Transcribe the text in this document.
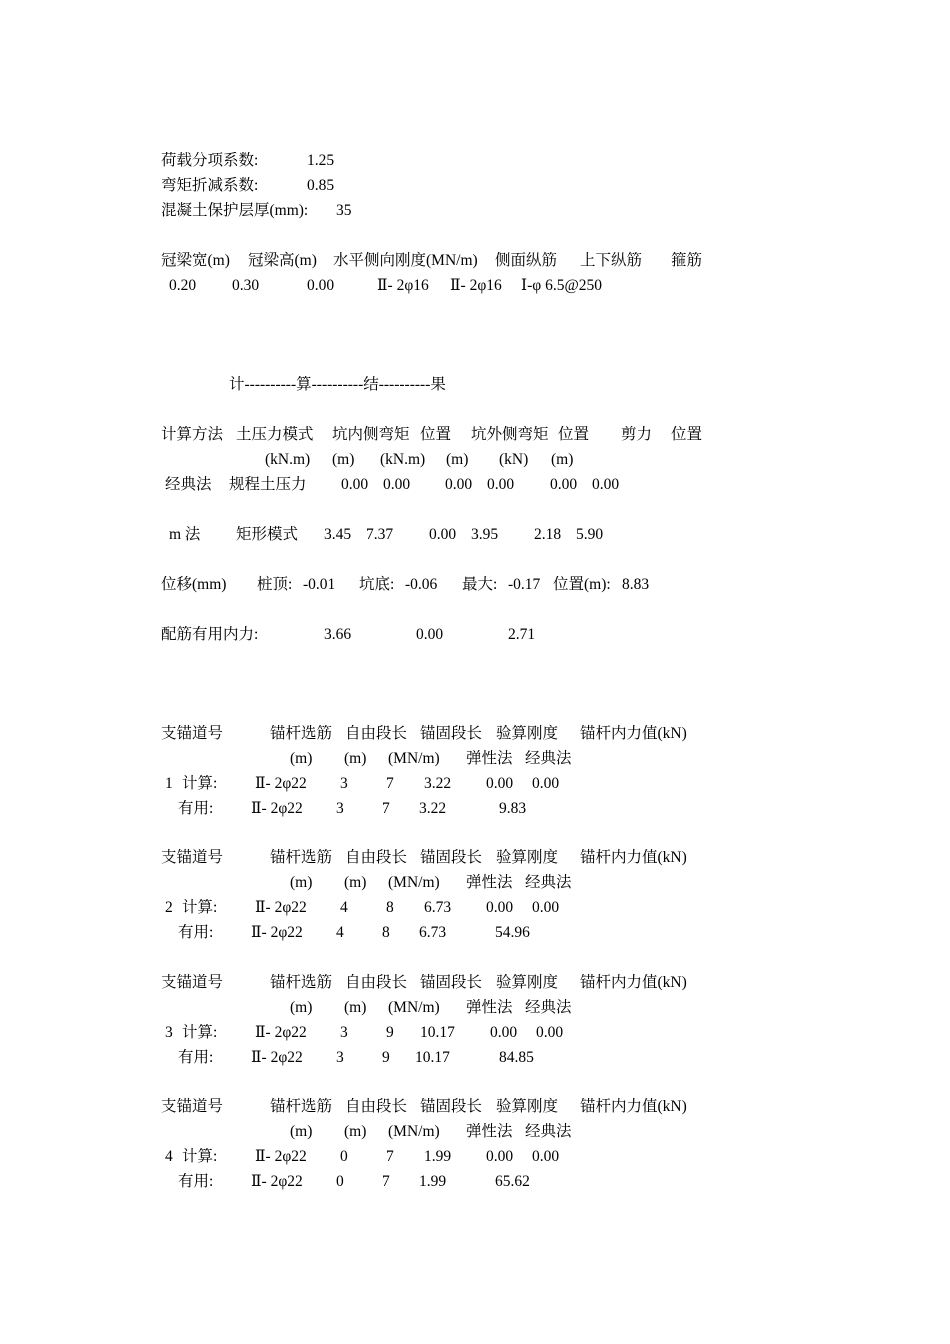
荷载分项系数:	1.25
弯矩折减系数:	0.85
混凝土保护层厚(mm): 35
冠梁宽(m) 冠梁高(m) 水平侧向刚度(MN/m) 侧面纵筋 上下纵筋 箍筋
0.20 0.30	0.00	Ⅱ- 2φ16 Ⅱ- 2φ16 Ⅰ-φ 6.5@250
计----------算----------结----------果
计算方法 土压力模式 坑内侧弯矩 位置 坑外侧弯矩 位置 剪力 位置
(kN.m) (m) (kN.m) (m) (kN) (m)
经典法 规程土压力 0.00 0.00 0.00 0.00 0.00 0.00
m 法 矩形模式 3.45 7.37 0.00 3.95 2.18 5.90
位移(mm) 桩顶: -0.01 坑底: -0.06 最大: -0.17 位置(m): 8.83
配筋有用内力:	3.66	0.00	2.71
支锚道号	锚杆选筋 自由段长 锚固段长 验算刚度 锚杆内力值(kN)
(m) (m) (MN/m) 弹性法 经典法
1 计算: Ⅱ- 2φ22 3 7 3.22 0.00 0.00
有用: Ⅱ- 2φ22 3 7 3.22	9.83
支锚道号	锚杆选筋 自由段长 锚固段长 验算刚度 锚杆内力值(kN)
(m) (m) (MN/m) 弹性法 经典法
2 计算: Ⅱ- 2φ22 4 8 6.73 0.00 0.00
有用: Ⅱ- 2φ22 4 8 6.73	54.96
支锚道号	锚杆选筋 自由段长 锚固段长 验算刚度 锚杆内力值(kN)
(m) (m) (MN/m) 弹性法 经典法
3 计算: Ⅱ- 2φ22 3 9 10.17 0.00 0.00
有用: Ⅱ- 2φ22 3 9 10.17	84.85
支锚道号	锚杆选筋 自由段长 锚固段长 验算刚度 锚杆内力值(kN)
(m) (m) (MN/m) 弹性法 经典法
4 计算: Ⅱ- 2φ22 0 7 1.99 0.00 0.00
有用: Ⅱ- 2φ22 0 7 1.99	65.62
